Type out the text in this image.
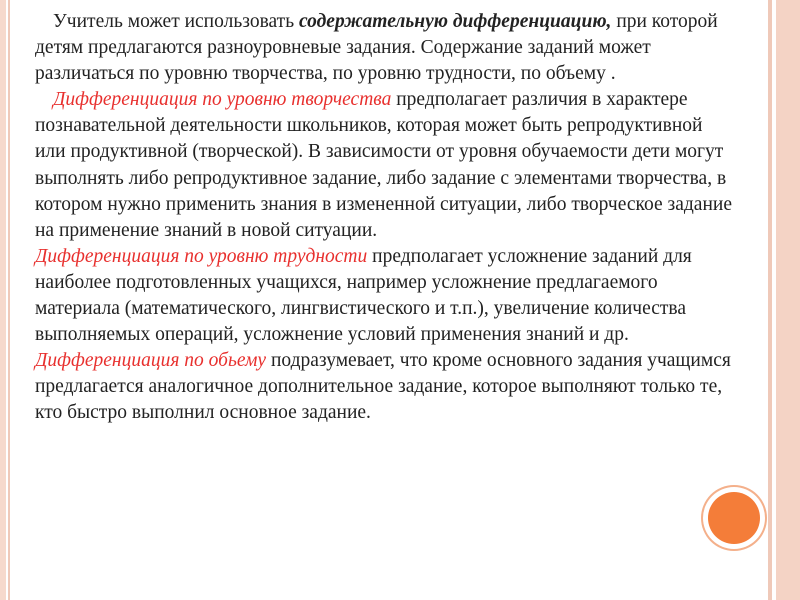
Учитель может использовать содержательную дифференциацию, при которой детям предлагаются разноуровневые задания. Содержание заданий может различаться по уровню творчества, по уровню трудности, по объему .

Дифференциация по уровню творчества предполагает различия в характере познавательной деятельности школьников, которая может быть репродуктивной или продуктивной (творческой). В зависимости от уровня обучаемости дети могут выполнять либо репродуктивное задание, либо задание с элементами творчества, в котором нужно применить знания в измененной ситуации, либо творческое задание на применение знаний в новой ситуации.

Дифференциация по уровню трудности предполагает усложнение заданий для наиболее подготовленных учащихся, например усложнение предлагаемого материала (математического, лингвистического и т.п.), увеличение количества выполняемых операций, усложнение условий применения знаний и др.

Дифференциация по обьему подразумевает, что кроме основного задания учащимся предлагается аналогичное дополнительное задание, которое выполняют только те, кто быстро выполнил основное задание.
